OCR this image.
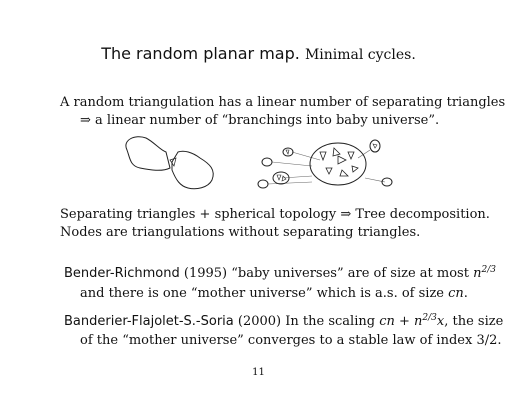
The random planar map. Minimal cycles.
A random triangulation has a linear number of separating triangles
⇒ a linear number of “branchings into baby universe”.
Separating triangles + spherical topology ⇒ Tree decomposition.
Nodes are triangulations without separating triangles.
Bender-Richmond (1995) “baby universes” are of size at most $n^{2/3}$
and there is one “mother universe” which is a.s. of size cn.
Banderier-Flajolet-S.-Soria (2000) In the scaling cn + $n^{2/3}x$, the size
of the “mother universe” converges to a stable law of index 3/2.
11
